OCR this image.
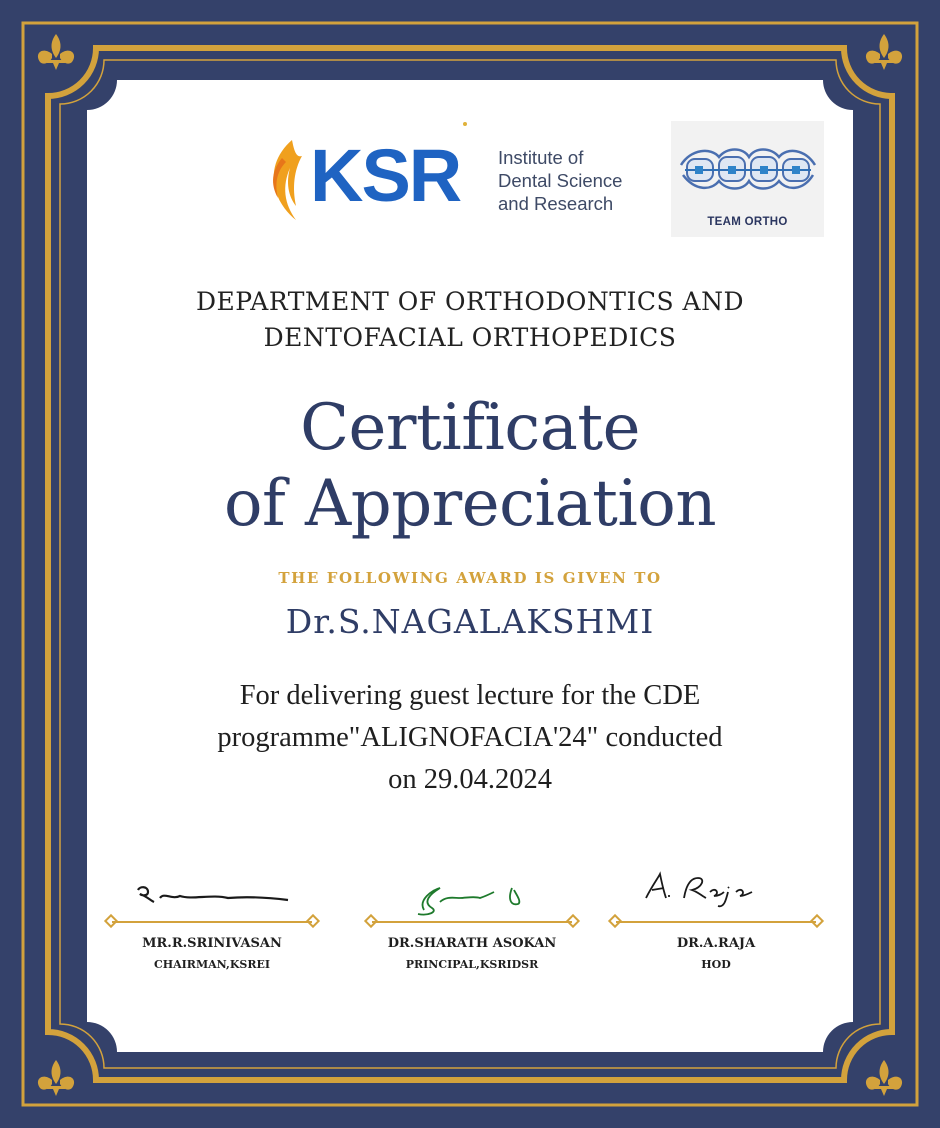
KSR Institute of
Dental Science
and Research
TEAM ORTHO
DEPARTMENT OF ORTHODONTICS AND
DENTOFACIAL ORTHOPEDICS
Certificate
of Appreciation
THE FOLLOWING AWARD IS GIVEN TO
Dr.S.NAGALAKSHMI
For delivering guest lecture for the CDE
programme"ALIGNOFACIA'24" conducted
on 29.04.2024
MR.R.SRINIVASAN
CHAIRMAN,KSREI
DR.SHARATH ASOKAN
PRINCIPAL,KSRIDSR
DR.A.RAJA
HOD
